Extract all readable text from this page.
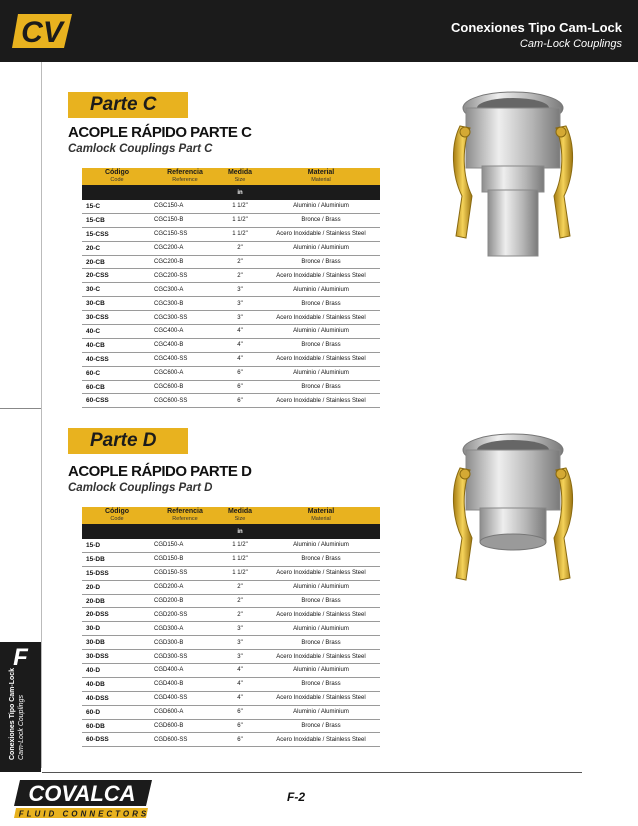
CV	Conexiones Tipo Cam-Lock
Cam-Lock Couplings
F
Conexiones Tipo Cam-Lock Cam-Lock Couplings
Parte C
ACOPLE RÁPIDO PARTE C
Camlock Couplings Part C
Código	Referencia	Medida	Material
Code	Reference	Size	Material
		in	
15-C	CGC150-A	1 1/2"	Aluminio / Aluminium
15-CB	CGC150-B	1 1/2"	Bronce / Brass
15-CSS	CGC150-SS	1 1/2"	Acero Inoxidable / Stainless Steel
20-C	CGC200-A	2"	Aluminio / Aluminium
20-CB	CGC200-B	2"	Bronce / Brass
20-CSS	CGC200-SS	2"	Acero Inoxidable / Stainless Steel
30-C	CGC300-A	3"	Aluminio / Aluminium
30-CB	CGC300-B	3"	Bronce / Brass
30-CSS	CGC300-SS	3"	Acero Inoxidable / Stainless Steel
40-C	CGC400-A	4"	Aluminio / Aluminium
40-CB	CGC400-B	4"	Bronce / Brass
40-CSS	CGC400-SS	4"	Acero Inoxidable / Stainless Steel
60-C	CGC600-A	6"	Aluminio / Aluminium
60-CB	CGC600-B	6"	Bronce / Brass
60-CSS	CGC600-SS	6"	Acero Inoxidable / Stainless Steel
Parte D
ACOPLE RÁPIDO PARTE D
Camlock Couplings Part D
Código	Referencia	Medida	Material
Code	Reference	Size	Material
		in	
15-D	CGD150-A	1 1/2"	Aluminio / Aluminium
15-DB	CGD150-B	1 1/2"	Bronce / Brass
15-DSS	CGD150-SS	1 1/2"	Acero Inoxidable / Stainless Steel
20-D	CGD200-A	2"	Aluminio / Aluminium
20-DB	CGD200-B	2"	Bronce / Brass
20-DSS	CGD200-SS	2"	Acero Inoxidable / Stainless Steel
30-D	CGD300-A	3"	Aluminio / Aluminium
30-DB	CGD300-B	3"	Bronce / Brass
30-DSS	CGD300-SS	3"	Acero Inoxidable / Stainless Steel
40-D	CGD400-A	4"	Aluminio / Aluminium
40-DB	CGD400-B	4"	Bronce / Brass
40-DSS	CGD400-SS	4"	Acero Inoxidable / Stainless Steel
60-D	CGD600-A	6"	Aluminio / Aluminium
60-DB	CGD600-B	6"	Bronce / Brass
60-DSS	CGD600-SS	6"	Acero Inoxidable / Stainless Steel
COVALCA
FLUID CONNECTORS
F-2
